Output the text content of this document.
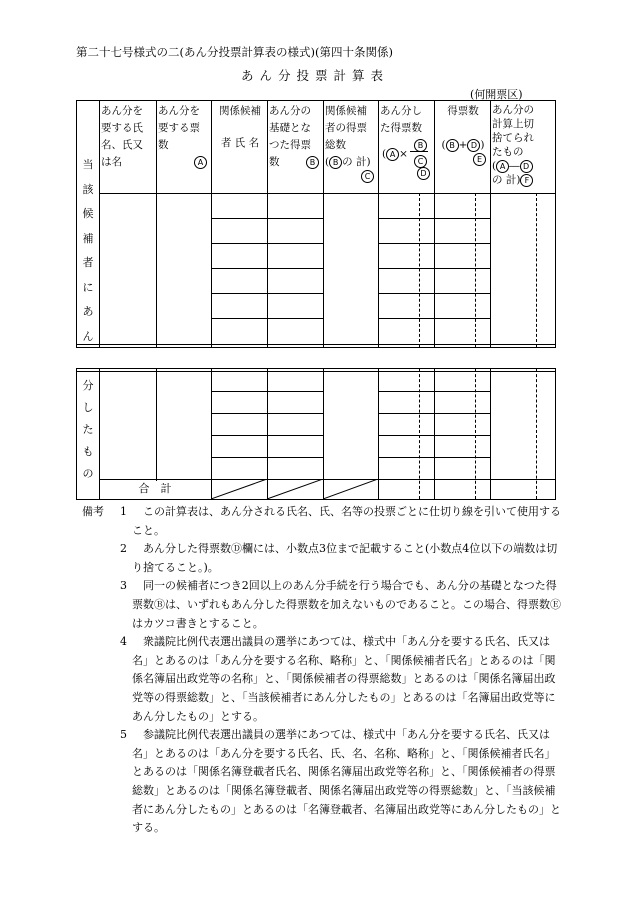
第二十七号様式の二(あん分投票計算表の様式)(第四十条関係)
あん分投票計算表
(何開票区)
当
該
候
補
者
に
あ
ん
あん分を
要する氏
名、氏又
は名
あん分を
要する票
数
A
関係候補
者 氏 名
あん分の
基礎とな
つた得票
数	B
関係候補
者の得票
総数
( B の 計)
C
あん分し
た得票数
( A ×
B
C
D
得票数
( B + D )
E
あん分の
計算上切
捨てられ
たもの
( A ― D
の 計) F
分
し
た
も
の
合　計
備考 1　 この計算表は、あん分される氏名、氏、名等の投票ごとに仕切り線を引いて使用すること。
2　 あん分した得票数Ⓓ欄には、小数点3位まで記載すること(小数点4位以下の端数は切り捨てること。)。
3　 同一の候補者につき2回以上のあん分手続を行う場合でも、あん分の基礎となつた得票数Ⓑは、いずれもあん分した得票数を加えないものであること。この場合、得票数Ⓔはカツコ書きとすること。
4　 衆議院比例代表選出議員の選挙にあつては、様式中「あん分を要する氏名、氏又は名」とあるのは「あん分を要する名称、略称」と、「関係候補者氏名」とあるのは「関係名簿届出政党等の名称」と、「関係候補者の得票総数」とあるのは「関係名簿届出政党等の得票総数」と、「当該候補者にあん分したもの」とあるのは「名簿届出政党等にあん分したもの」とする。
5　 参議院比例代表選出議員の選挙にあつては、様式中「あん分を要する氏名、氏又は名」とあるのは「あん分を要する氏名、氏、名、名称、略称」と、「関係候補者氏名」とあるのは「関係名簿登載者氏名、関係名簿届出政党等名称」と、「関係候補者の得票総数」とあるのは「関係名簿登載者、関係名簿届出政党等の得票総数」と、「当該候補者にあん分したもの」とあるのは「名簿登載者、名簿届出政党等にあん分したもの」とする。
